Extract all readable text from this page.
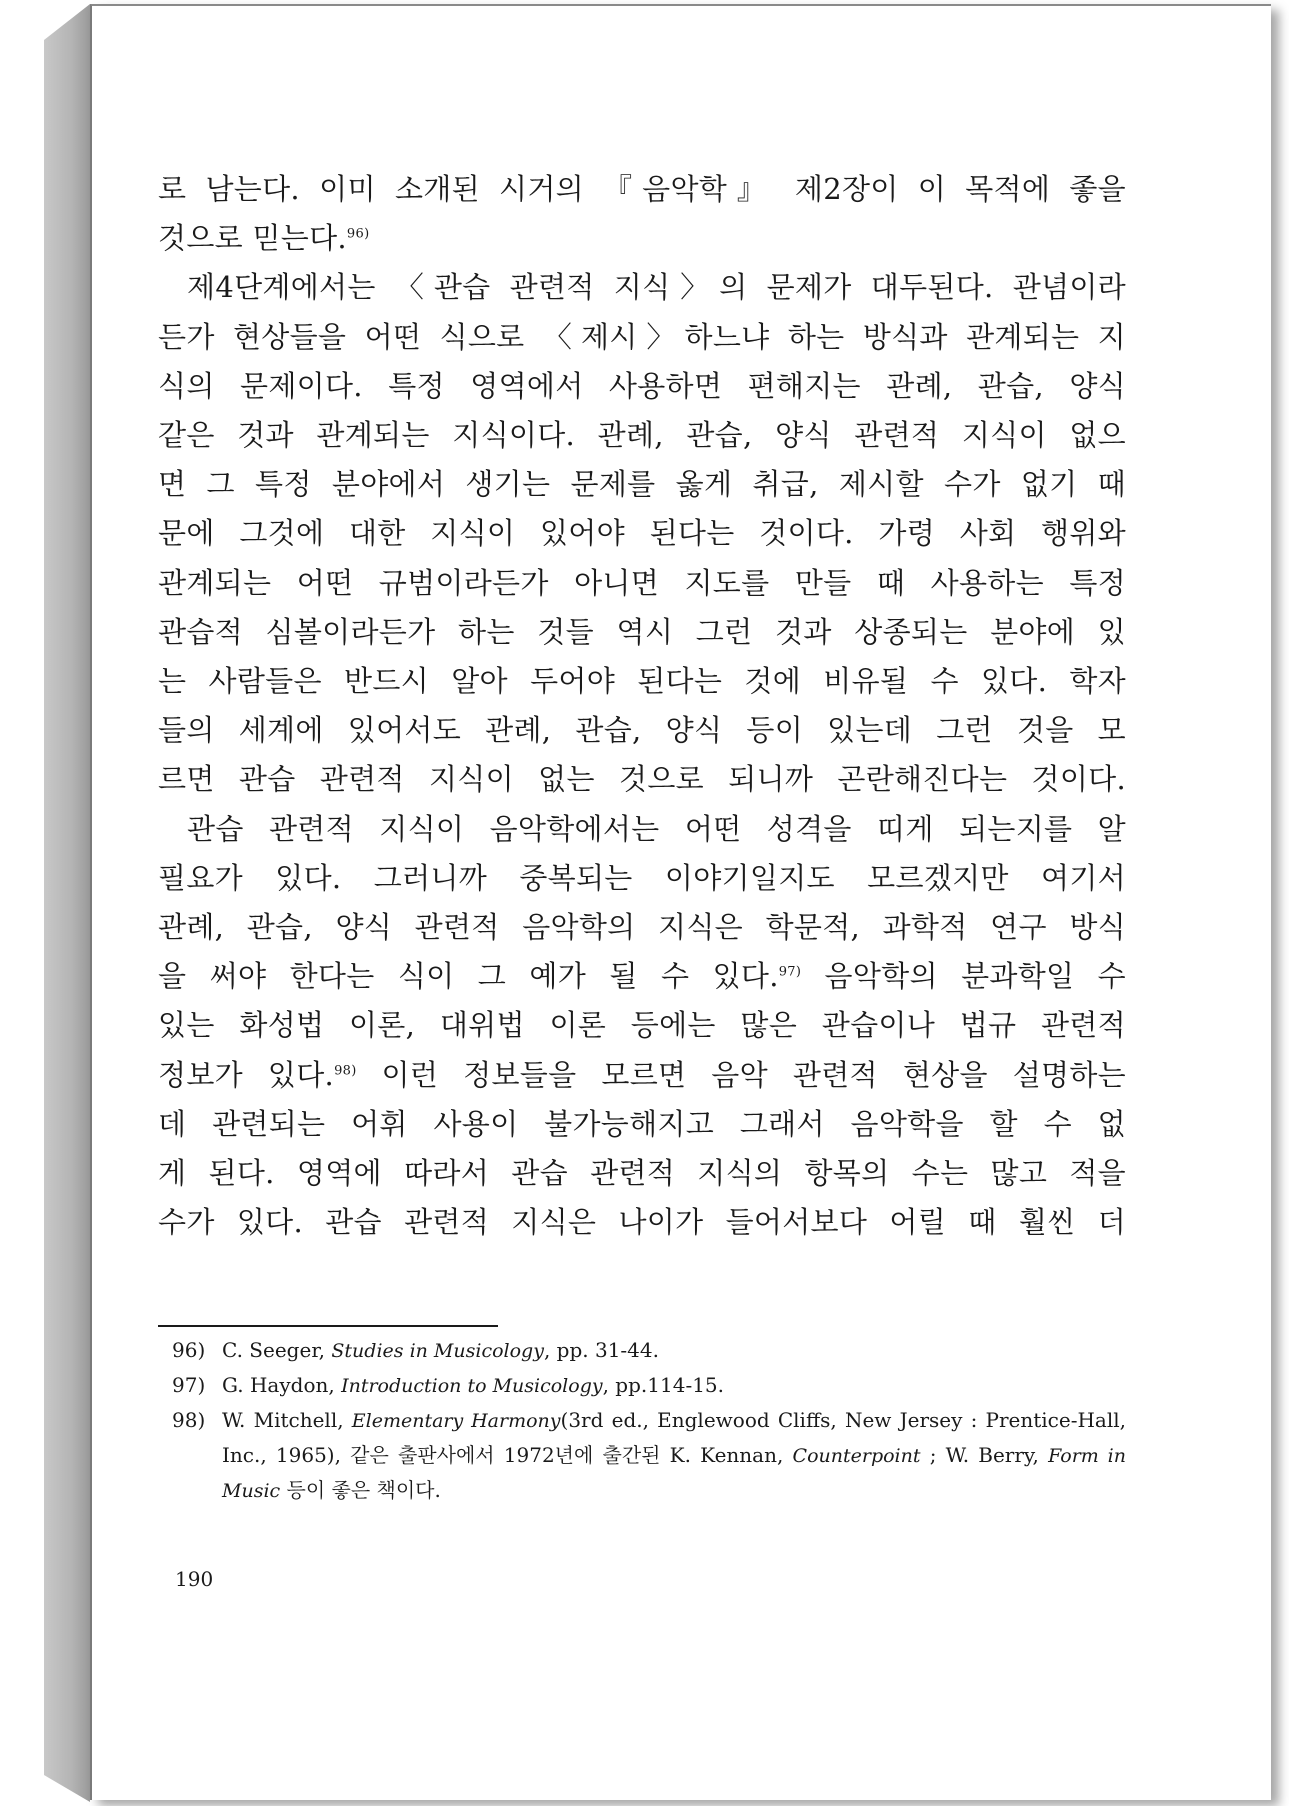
로 남는다. 이미 소개된 시거의 『음악학』 제2장이 이 목적에 좋을

것으로 믿는다.$^{96)}$

제4단계에서는 〈관습 관련적 지식〉의 문제가 대두된다. 관념이라

든가 현상들을 어떤 식으로 〈제시〉하느냐 하는 방식과 관계되는 지

식의 문제이다. 특정 영역에서 사용하면 편해지는 관례, 관습, 양식

같은 것과 관계되는 지식이다. 관례, 관습, 양식 관련적 지식이 없으

면 그 특정 분야에서 생기는 문제를 옳게 취급, 제시할 수가 없기 때

문에 그것에 대한 지식이 있어야 된다는 것이다. 가령 사회 행위와

관계되는 어떤 규범이라든가 아니면 지도를 만들 때 사용하는 특정

관습적 심볼이라든가 하는 것들 역시 그런 것과 상종되는 분야에 있

는 사람들은 반드시 알아 두어야 된다는 것에 비유될 수 있다. 학자

들의 세계에 있어서도 관례, 관습, 양식 등이 있는데 그런 것을 모

르면 관습 관련적 지식이 없는 것으로 되니까 곤란해진다는 것이다.

관습 관련적 지식이 음악학에서는 어떤 성격을 띠게 되는지를 알

필요가 있다. 그러니까 중복되는 이야기일지도 모르겠지만 여기서

관례, 관습, 양식 관련적 음악학의 지식은 학문적, 과학적 연구 방식

을 써야 한다는 식이 그 예가 될 수 있다.$^{97)}$ 음악학의 분과학일 수

있는 화성법 이론, 대위법 이론 등에는 많은 관습이나 법규 관련적

정보가 있다.$^{98)}$ 이런 정보들을 모르면 음악 관련적 현상을 설명하는

데 관련되는 어휘 사용이 불가능해지고 그래서 음악학을 할 수 없

게 된다. 영역에 따라서 관습 관련적 지식의 항목의 수는 많고 적을

수가 있다. 관습 관련적 지식은 나이가 들어서보다 어릴 때 훨씬 더

96) C. Seeger, Studies in Musicology, pp. 31-44.
97) G. Haydon, Introduction to Musicology, pp.114-15.
98) W. Mitchell, Elementary Harmony(3rd ed., Englewood Cliffs, New Jersey : Prentice-Hall, Inc., 1965), 같은 출판사에서 1972년에 출간된 K. Kennan, Counterpoint ; W. Berry, Form in Music 등이 좋은 책이다.
190
